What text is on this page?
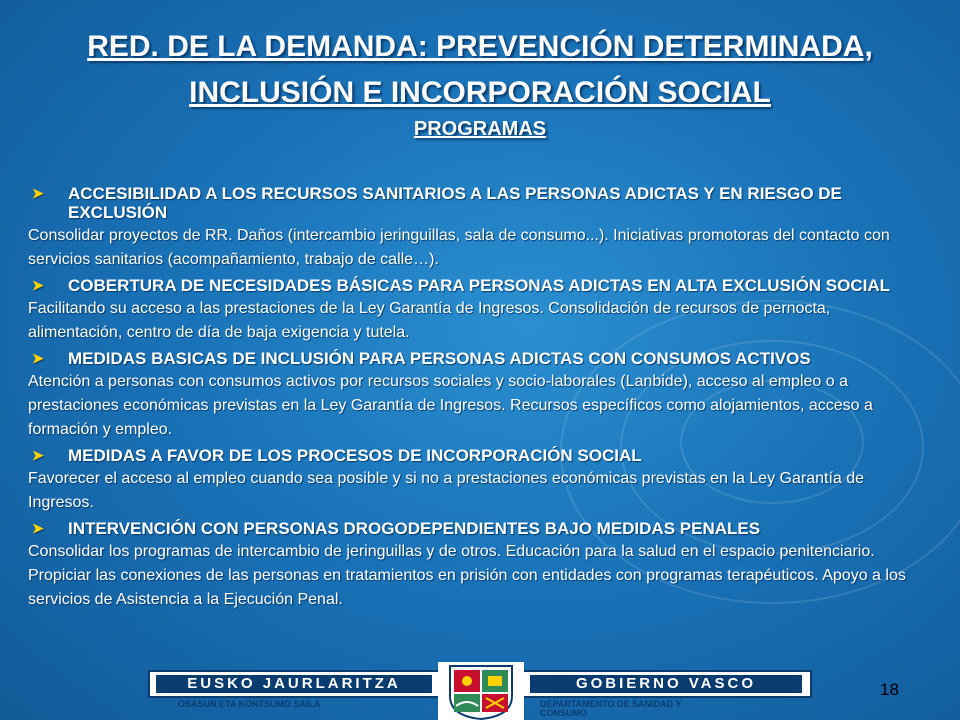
RED. DE LA DEMANDA: PREVENCIÓN DETERMINADA,
INCLUSIÓN E INCORPORACIÓN SOCIAL
PROGRAMAS
➤	ACCESIBILIDAD A LOS RECURSOS SANITARIOS A LAS PERSONAS ADICTAS Y EN RIESGO DE EXCLUSIÓN
Consolidar proyectos de RR. Daños (intercambio jeringuillas, sala de consumo...). Iniciativas promotoras del contacto con servicios sanitarios (acompañamiento, trabajo de calle…).
➤	COBERTURA DE NECESIDADES BÁSICAS PARA PERSONAS ADICTAS EN ALTA EXCLUSIÓN SOCIAL
Facilitando su acceso a las prestaciones de la Ley Garantía de Ingresos. Consolidación de recursos de pernocta, alimentación, centro de día de baja exigencia y tutela.
➤	MEDIDAS BASICAS DE INCLUSIÓN PARA PERSONAS ADICTAS CON CONSUMOS ACTIVOS
Atención a personas con consumos activos por recursos sociales y socio-laborales (Lanbide), acceso al empleo o a prestaciones económicas previstas en la Ley Garantía de Ingresos. Recursos específicos como alojamientos, acceso a formación y empleo.
➤	MEDIDAS A FAVOR DE LOS PROCESOS DE INCORPORACIÓN SOCIAL
Favorecer el acceso al empleo cuando sea posible y si no a prestaciones económicas previstas en la Ley Garantía de Ingresos.
➤	INTERVENCIÓN CON PERSONAS DROGODEPENDIENTES BAJO MEDIDAS PENALES
Consolidar los programas de intercambio de jeringuillas y de otros. Educación para la salud en el espacio penitenciario. Propiciar las conexiones de las personas en tratamientos en prisión con entidades con programas terapéuticos. Apoyo a los servicios de Asistencia a la Ejecución Penal.
EUSKO JAURLARITZA	GOBIERNO VASCO
OSASUN ETA KONTSUMO SAILA	DEPARTAMENTO DE SANIDAD Y CONSUMO
18
